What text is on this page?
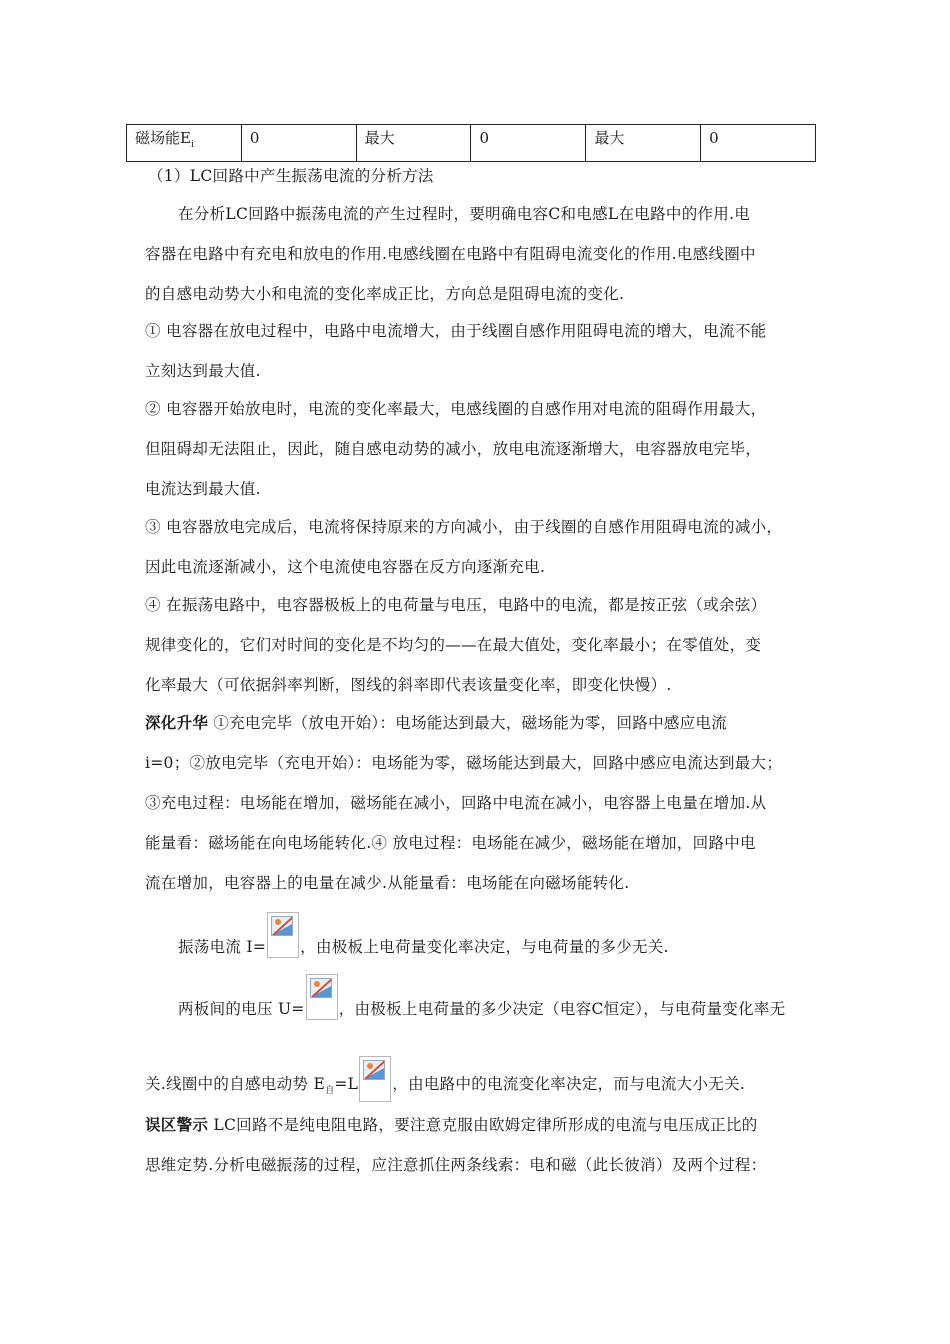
磁场能$E_i$	0	最大	0	最大	0
（1）LC回路中产生振荡电流的分析方法
在分析LC回路中振荡电流的产生过程时，要明确电容C和电感L在电路中的作用.电
容器在电路中有充电和放电的作用.电感线圈在电路中有阻碍电流变化的作用.电感线圈中
的自感电动势大小和电流的变化率成正比，方向总是阻碍电流的变化.
① 电容器在放电过程中，电路中电流增大，由于线圈自感作用阻碍电流的增大，电流不能
立刻达到最大值.
② 电容器开始放电时，电流的变化率最大，电感线圈的自感作用对电流的阻碍作用最大，
但阻碍却无法阻止，因此，随自感电动势的减小，放电电流逐渐增大，电容器放电完毕，
电流达到最大值.
③ 电容器放电完成后，电流将保持原来的方向减小，由于线圈的自感作用阻碍电流的减小，
因此电流逐渐减小，这个电流使电容器在反方向逐渐充电.
④ 在振荡电路中，电容器极板上的电荷量与电压，电路中的电流，都是按正弦（或余弦）
规律变化的，它们对时间的变化是不均匀的——在最大值处，变化率最小；在零值处，变
化率最大（可依据斜率判断，图线的斜率即代表该量变化率，即变化快慢）.
深化升华 ①充电完毕（放电开始）：电场能达到最大，磁场能为零，回路中感应电流
i=0；②放电完毕（充电开始）：电场能为零，磁场能达到最大，回路中感应电流达到最大；
③充电过程：电场能在增加，磁场能在减小，回路中电流在减小，电容器上电量在增加.从
能量看：磁场能在向电场能转化.④ 放电过程：电场能在减少，磁场能在增加，回路中电
流在增加，电容器上的电量在减少.从能量看：电场能在向磁场能转化.
振荡电流 I= ，由极板上电荷量变化率决定，与电荷量的多少无关.
两板间的电压 U= ，由极板上电荷量的多少决定（电容C恒定），与电荷量变化率无
关.线圈中的自感电动势 $E_自=L$ ，由电路中的电流变化率决定，而与电流大小无关.
误区警示 LC回路不是纯电阻电路，要注意克服由欧姆定律所形成的电流与电压成正比的
思维定势.分析电磁振荡的过程，应注意抓住两条线索：电和磁（此长彼消）及两个过程：
